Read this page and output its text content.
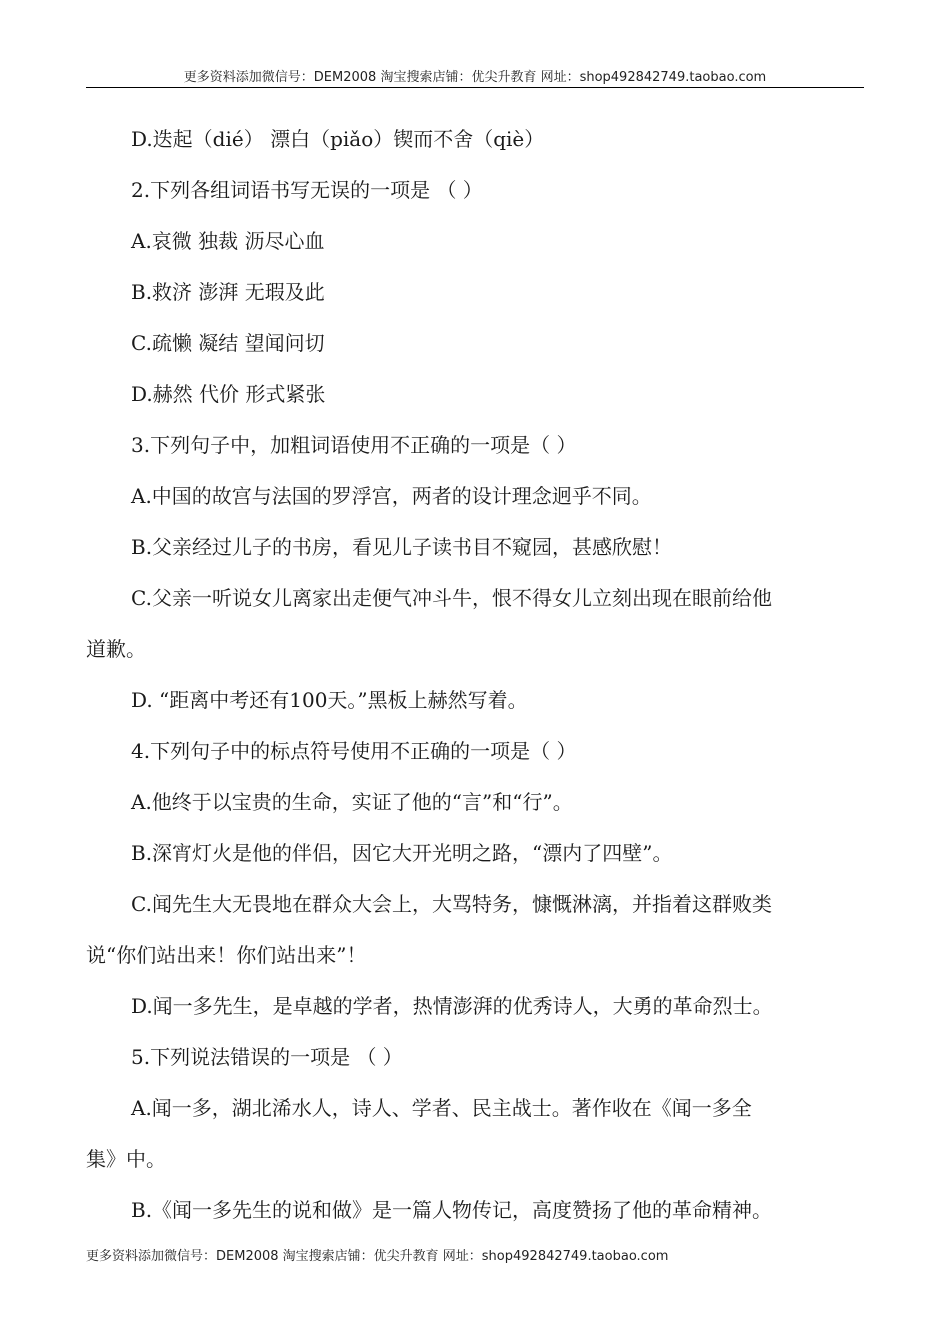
更多资料添加微信号：DEM2008 淘宝搜索店铺：优尖升教育 网址：shop492842749.taobao.com
D.迭起（dié） 漂白（piǎo）锲而不舍（qiè）
2.下列各组词语书写无误的一项是 （ ）
A.哀微 独裁 沥尽心血
B.救济 澎湃 无瑕及此
C.疏懒 凝结 望闻问切
D.赫然 代价 形式紧张
3.下列句子中，加粗词语使用不正确的一项是（ ）
A.中国的故宫与法国的罗浮宫，两者的设计理念迥乎不同。
B.父亲经过儿子的书房，看见儿子读书目不窥园，甚感欣慰！
C.父亲一听说女儿离家出走便气冲斗牛，恨不得女儿立刻出现在眼前给他
道歉。
D. “距离中考还有100天。”黑板上赫然写着。
4.下列句子中的标点符号使用不正确的一项是（ ）
A.他终于以宝贵的生命，实证了他的“言”和“行”。
B.深宵灯火是他的伴侣，因它大开光明之路，“漂内了四壁”。
C.闻先生大无畏地在群众大会上，大骂特务，慷慨淋漓，并指着这群败类
说“你们站出来！你们站出来”！
D.闻一多先生，是卓越的学者，热情澎湃的优秀诗人，大勇的革命烈士。
5.下列说法错误的一项是 （ ）
A.闻一多，湖北浠水人，诗人、学者、民主战士。著作收在《闻一多全
集》中。
B.《闻一多先生的说和做》是一篇人物传记，高度赞扬了他的革命精神。
更多资料添加微信号：DEM2008 淘宝搜索店铺：优尖升教育 网址：shop492842749.taobao.com
